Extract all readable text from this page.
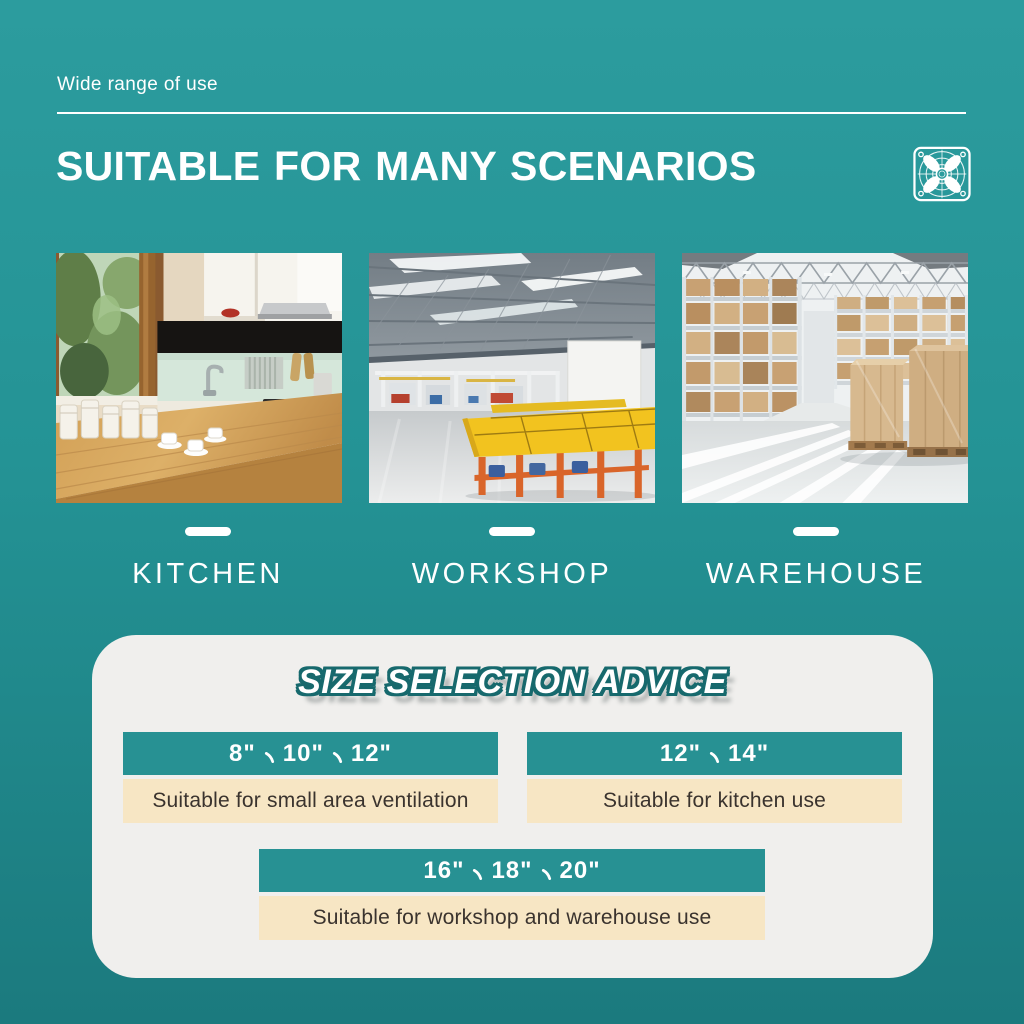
Wide range of use
SUITABLE FOR MANY SCENARIOS
KITCHEN	WORKSHOP	WAREHOUSE
SIZE SELECTION ADVICE
8" 10" 12"
Suitable for small area ventilation
12" 14"
Suitable for kitchen use
16" 18" 20"
Suitable for workshop and warehouse use
